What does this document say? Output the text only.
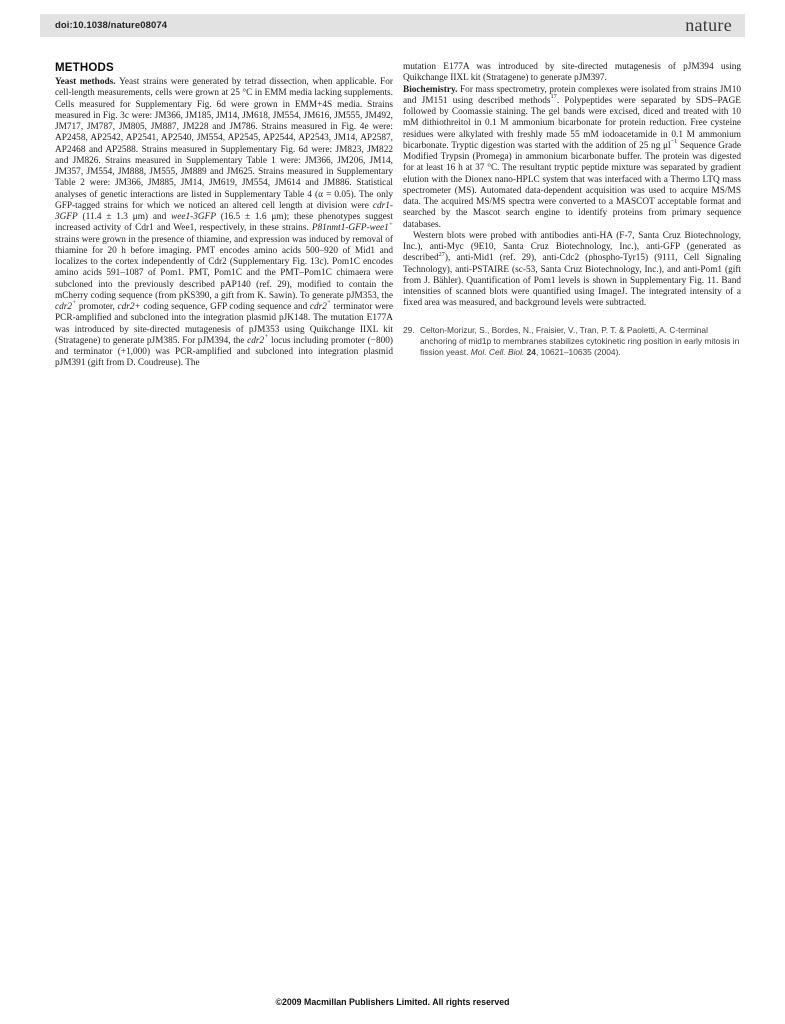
doi:10.1038/nature08074	nature
METHODS

Yeast methods. Yeast strains were generated by tetrad dissection, when applicable. For cell-length measurements, cells were grown at 25 °C in EMM media lacking supplements. Cells measured for Supplementary Fig. 6d were grown in EMM+4S media. Strains measured in Fig. 3c were: JM366, JM185, JM14, JM618, JM554, JM616, JM555, JM492, JM717, JM787, JM805, JM887, JM228 and JM786. Strains measured in Fig. 4e were: AP2458, AP2542, AP2541, AP2540, JM554, AP2545, AP2544, AP2543, JM14, AP2587, AP2468 and AP2588. Strains measured in Supplementary Fig. 6d were: JM823, JM822 and JM826. Strains measured in Supplementary Table 1 were: JM366, JM206, JM14, JM357, JM554, JM888, JM555, JM889 and JM625. Strains measured in Supplementary Table 2 were: JM366, JM885, JM14, JM619, JM554, JM614 and JM886. Statistical analyses of genetic interactions are listed in Supplementary Table 4 (α = 0.05). The only GFP-tagged strains for which we noticed an altered cell length at division were cdr1-3GFP (11.4 ± 1.3 μm) and wee1-3GFP (16.5 ± 1.6 μm); these phenotypes suggest increased activity of Cdr1 and Wee1, respectively, in these strains. P81nmt1-GFP-wee1+ strains were grown in the presence of thiamine, and expression was induced by removal of thiamine for 20 h before imaging. PMT encodes amino acids 500–920 of Mid1 and localizes to the cortex independently of Cdr2 (Supplementary Fig. 13c). Pom1C encodes amino acids 591–1087 of Pom1. PMT, Pom1C and the PMT–Pom1C chimaera were subcloned into the previously described pAP140 (ref. 29), modified to contain the mCherry coding sequence (from pKS390, a gift from K. Sawin). To generate pJM353, the cdr2+ promoter, cdr2+ coding sequence, GFP coding sequence and cdr2+ terminator were PCR-amplified and subcloned into the integration plasmid pJK148. The mutation E177A was introduced by site-directed mutagenesis of pJM353 using Quikchange IIXL kit (Stratagene) to generate pJM385. For pJM394, the cdr2+ locus including promoter (−800) and terminator (+1,000) was PCR-amplified and subcloned into integration plasmid pJM391 (gift from D. Coudreuse). The

mutation E177A was introduced by site-directed mutagenesis of pJM394 using Quikchange IIXL kit (Stratagene) to generate pJM397.

Biochemistry. For mass spectrometry, protein complexes were isolated from strains JM10 and JM151 using described methods$^{17}$. Polypeptides were separated by SDS–PAGE followed by Coomassie staining. The gel bands were excised, diced and treated with 10 mM dithiothreitol in 0.1 M ammonium bicarbonate for protein reduction. Free cysteine residues were alkylated with freshly made 55 mM iodoacetamide in 0.1 M ammonium bicarbonate. Tryptic digestion was started with the addition of 25 ng $\mu l^{-1}$ Sequence Grade Modified Trypsin (Promega) in ammonium bicarbonate buffer. The protein was digested for at least 16 h at 37 °C. The resultant tryptic peptide mixture was separated by gradient elution with the Dionex nano-HPLC system that was interfaced with a Thermo LTQ mass spectrometer (MS). Automated data-dependent acquisition was used to acquire MS/MS data. The acquired MS/MS spectra were converted to a MASCOT acceptable format and searched by the Mascot search engine to identify proteins from primary sequence databases.

Western blots were probed with antibodies anti-HA (F-7, Santa Cruz Biotechnology, Inc.), anti-Myc (9E10, Santa Cruz Biotechnology, Inc.), anti-GFP (generated as described$^{27}$), anti-Mid1 (ref. 29), anti-Cdc2 (phospho-Tyr15) (9111, Cell Signaling Technology), anti-PSTAIRE (sc-53, Santa Cruz Biotechnology, Inc.), and anti-Pom1 (gift from J. Bähler). Quantification of Pom1 levels is shown in Supplementary Fig. 11. Band intensities of scanned blots were quantified using ImageJ. The integrated intensity of a fixed area was measured, and background levels were subtracted.

29. Celton-Morizur, S., Bordes, N., Fraisier, V., Tran, P. T. & Paoletti, A. C-terminal anchoring of mid1p to membranes stabilizes cytokinetic ring position in early mitosis in fission yeast. Mol. Cell. Biol. 24, 10621–10635 (2004).
©2009 Macmillan Publishers Limited. All rights reserved
